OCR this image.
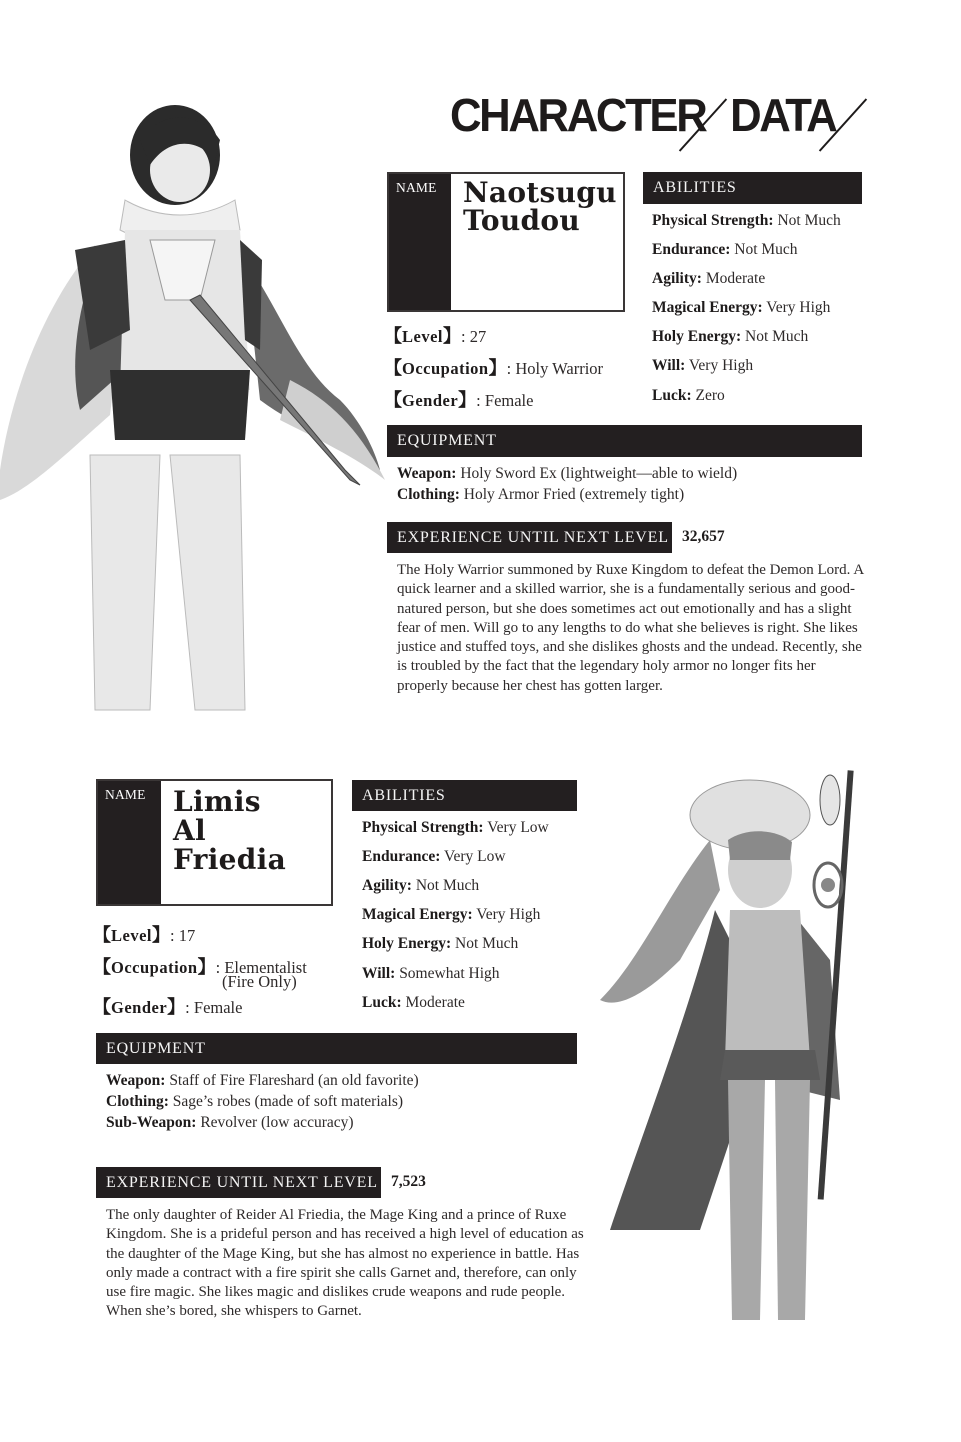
CHARACTER DATA
NAME Naotsugu
Toudou
【Level】: 27
【Occupation】: Holy Warrior
【Gender】: Female
ABILITIES
Physical Strength: Not Much
Endurance: Not Much
Agility: Moderate
Magical Energy: Very High
Holy Energy: Not Much
Will: Very High
Luck: Zero
EQUIPMENT
Weapon: Holy Sword Ex (lightweight—able to wield)
Clothing: Holy Armor Fried (extremely tight)
EXPERIENCE UNTIL NEXT LEVEL 32,657
The Holy Warrior summoned by Ruxe Kingdom to defeat the Demon Lord. A quick learner and a skilled warrior, she is a fundamentally serious and good-natured person, but she does sometimes act out emotionally and has a slight fear of men. Will go to any lengths to do what she believes is right. She likes justice and stuffed toys, and she dislikes ghosts and the undead. Recently, she is troubled by the fact that the legendary holy armor no longer fits her properly because her chest has gotten larger.
NAME Limis
Al
Friedia
【Level】: 17
【Occupation】: Elementalist
(Fire Only)
【Gender】: Female
ABILITIES
Physical Strength: Very Low
Endurance: Very Low
Agility: Not Much
Magical Energy: Very High
Holy Energy: Not Much
Will: Somewhat High
Luck: Moderate
EQUIPMENT
Weapon: Staff of Fire Flareshard (an old favorite)
Clothing: Sage’s robes (made of soft materials)
Sub-Weapon: Revolver (low accuracy)
EXPERIENCE UNTIL NEXT LEVEL 7,523
The only daughter of Reider Al Friedia, the Mage King and a prince of Ruxe Kingdom. She is a prideful person and has received a high level of education as the daughter of the Mage King, but she has almost no experience in battle. Has only made a contract with a fire spirit she calls Garnet and, therefore, can only use fire magic. She likes magic and dislikes crude weapons and rude people. When she’s bored, she whispers to Garnet.
